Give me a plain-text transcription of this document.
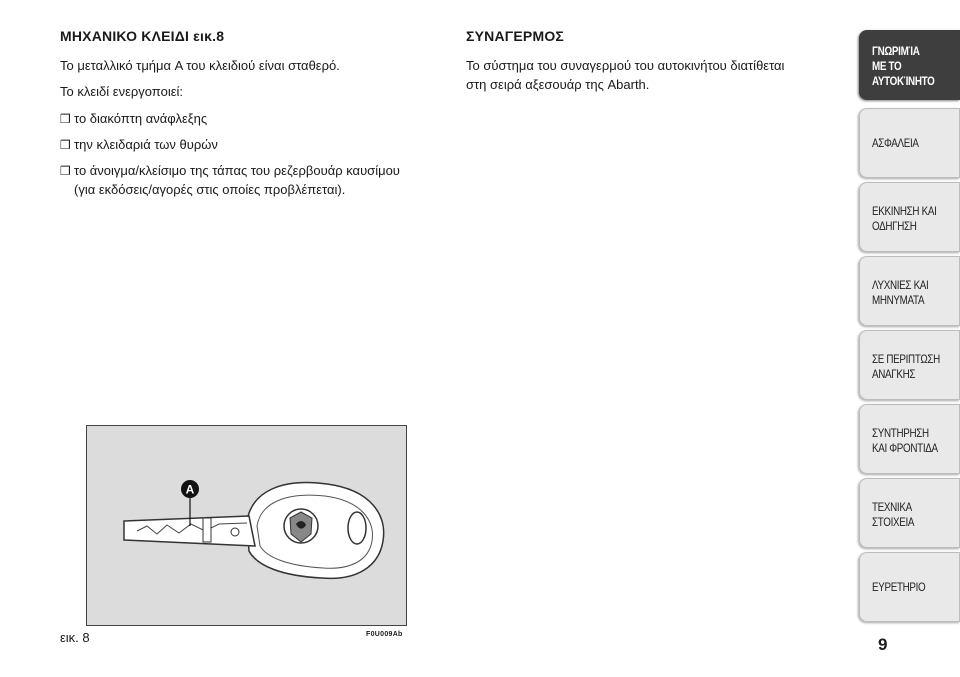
ΜΗΧΑΝΙΚΟ ΚΛΕΙΔΙ εικ.8
Το μεταλλικό τμήμα A του κλειδιού είναι σταθερό.
Το κλειδί ενεργοποιεί:
❒ το διακόπτη ανάφλεξης
❒ την κλειδαριά των θυρών
❒ το άνοιγμα/κλείσιμο της τάπας του ρεζερβουάρ καυσίμου (για εκδόσεις/αγορές στις οποίες προβλέπεται).
ΣΥΝΑΓΕΡΜΟΣ
Το σύστημα του συναγερμού του αυτοκινήτου διατίθεται
στη σειρά αξεσουάρ της Abarth.
A
εικ. 8	F0U009Ab
ΓΝΩΡΙΜΊΑ
ΜΕ ΤΟ
ΑΥΤΟΚΊΝΗΤΟ
ΑΣΦΑΛΕΙΑ
ΕΚΚΙΝΗΣΗ ΚΑΙ
ΟΔΗΓΗΣΗ
ΛΥΧΝΙΕΣ ΚΑΙ
ΜΗΝΥΜΑΤΑ
ΣΕ ΠΕΡΙΠΤΩΣΗ
ΑΝΑΓΚΗΣ
ΣΥΝΤΗΡΗΣΗ
ΚΑΙ ΦΡΟΝΤΙΔΑ
ΤΕΧΝΙΚΑ
ΣΤΟΙΧΕΙΑ
ΕΥΡΕΤΗΡΙΟ
9
